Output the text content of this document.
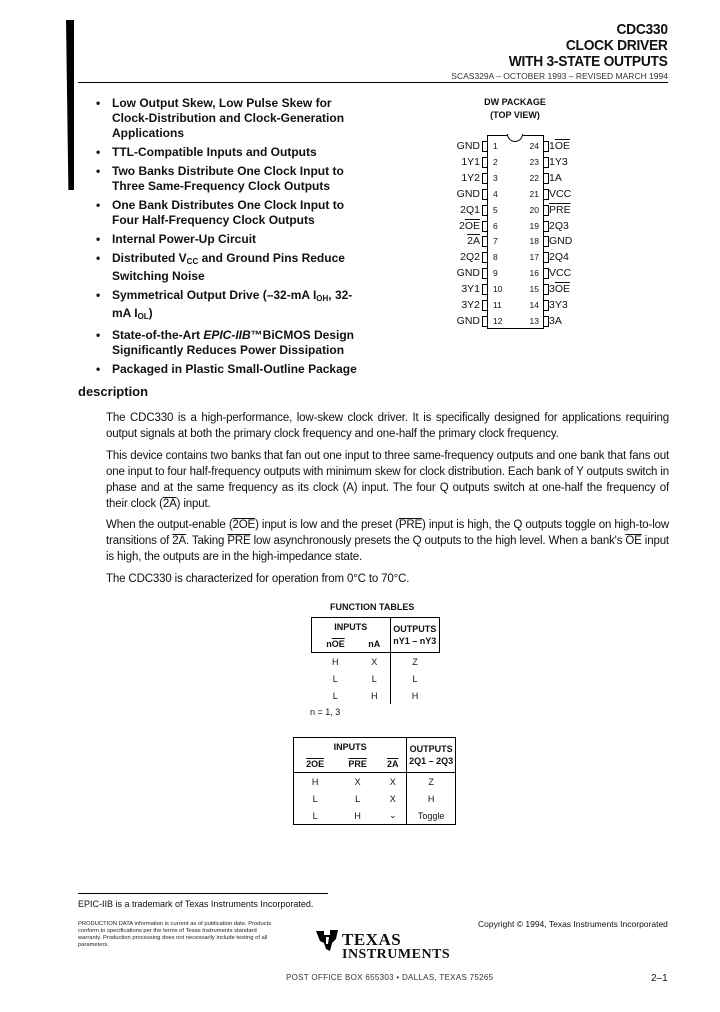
CDC330
CLOCK DRIVER
WITH 3-STATE OUTPUTS
SCAS329A – OCTOBER 1993 – REVISED MARCH 1994
• Low Output Skew, Low Pulse Skew for Clock-Distribution and Clock-Generation Applications
• TTL-Compatible Inputs and Outputs
• Two Banks Distribute One Clock Input to Three Same-Frequency Clock Outputs
• One Bank Distributes One Clock Input to Four Half-Frequency Clock Outputs
• Internal Power-Up Circuit
• Distributed $V_{CC}$ and Ground Pins Reduce Switching Noise
• Symmetrical Output Drive (–32-mA $I_{OH}$, 32-mA $I_{OL}$)
• State-of-the-Art EPIC-IIB™BiCMOS Design Significantly Reduces Power Dissipation
• Packaged in Plastic Small-Outline Package
DW PACKAGE
(TOP VIEW)
GND 1
1Y1 2
1Y2 3
GND 4
2Q1 5
$2\overline{OE}$ 6
2A 7
2Q2 8
GND 9
3Y1 10
3Y2 11
GND 12
24 $1\overline{OE}$
23 1Y3
22 1A
21 VCC
20 $\overline{PRE}$
19 2Q3
18 GND
17 2Q4
16 VCC
15 $3\overline{OE}$
14 3Y3
13 3A
description
The CDC330 is a high-performance, low-skew clock driver. It is specifically designed for applications requiring output signals at both the primary clock frequency and one-half the primary clock frequency.
This device contains two banks that fan out one input to three same-frequency outputs and one bank that fans out one input to four half-frequency outputs with minimum skew for clock distribution. Each bank of Y outputs switch in phase and at the same frequency as its clock (A) input. The four Q outputs switch at one-half the frequency of their clock (2A) input.
When the output-enable (2OE) input is low and the preset $(\overline{PRE})$ input is high, the Q outputs toggle on high-to-low transitions of 2A. Taking $\overline{PRE}$ low asynchronously presets the Q outputs to the high level. When a bank's $\overline{OE}$ input is high, the outputs are in the high-impedance state.
The CDC330 is characterized for operation from 0°C to 70°C.
FUNCTION TABLES
INPUTS		OUTPUTS
nY1 – nY3

$n\overline{OE}$	nA	
H	X	Z
L	L	L
L	H	H
n = 1, 3
INPUTS			OUTPUTS
2Q1 – 2Q3

2OE	$\overline{PRE}$	2A	
H	X	X	Z
L	L	X	H
L	H	⌄	Toggle
EPIC-IIB is a trademark of Texas Instruments Incorporated.
PRODUCTION DATA information is current as of publication date. Products conform to specifications per the terms of Texas Instruments standard warranty. Production processing does not necessarily include testing of all parameters.
Copyright © 1994, Texas Instruments Incorporated
TEXAS
INSTRUMENTS
POST OFFICE BOX 655303 • DALLAS, TEXAS 75265	2–1
